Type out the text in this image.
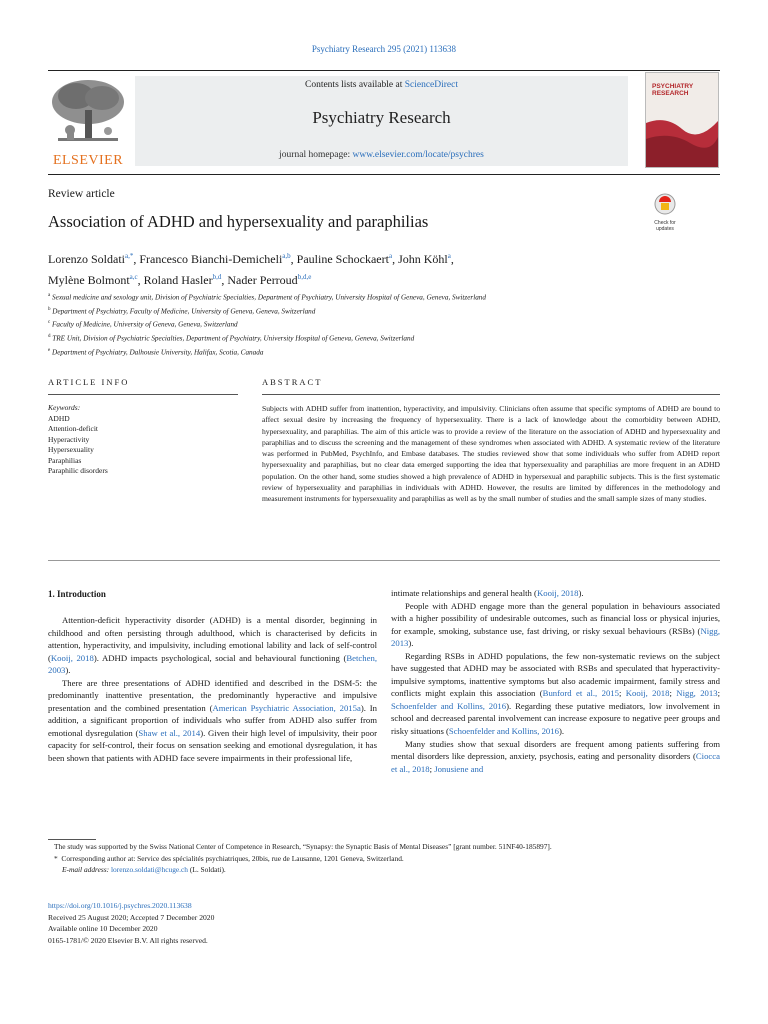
Psychiatry Research 295 (2021) 113638
ELSEVIER
Contents lists available at ScienceDirect
Psychiatry Research
journal homepage: www.elsevier.com/locate/psychres
PSYCHIATRY
RESEARCH
Review article
Association of ADHD and hypersexuality and paraphilias	Check for updates
Lorenzo Soldati$^{a,*}$, Francesco Bianchi-Demicheli$^{a,b}$, Pauline Schockaert$^a$, John Köhl$^a$,
Mylène Bolmont$^{a,c}$, Roland Hasler$^{b,d}$, Nader Perroud$^{b,d,e}$
$^a$ Sexual medicine and sexology unit, Division of Psychiatric Specialties, Department of Psychiatry, University Hospital of Geneva, Geneva, Switzerland
$^b$ Department of Psychiatry, Faculty of Medicine, University of Geneva, Geneva, Switzerland
$^c$ Faculty of Medicine, University of Geneva, Geneva, Switzerland
$^d$ TRE Unit, Division of Psychiatric Specialties, Department of Psychiatry, University Hospital of Geneva, Geneva, Switzerland
$^e$ Department of Psychiatry, Dalhousie University, Halifax, Scotia, Canada
ARTICLE INFO	ABSTRACT
Keywords:
ADHD
Attention-deficit
Hyperactivity
Hypersexuality
Paraphilias
Paraphilic disorders
Subjects with ADHD suffer from inattention, hyperactivity, and impulsivity. Clinicians often assume that specific symptoms of ADHD are bound to affect sexual desire by increasing the frequency of hypersexuality. There is a lack of knowledge about the comorbidity between ADHD, hypersexuality, and paraphilias. The aim of this article was to provide a review of the literature on the association of ADHD and hypersexuality and paraphilias and to discuss the screening and the management of these syndromes when associated with ADHD. A systematic review of the literature was performed in PubMed, PsychInfo, and Embase databases. The studies reviewed show that some individuals who suffer from ADHD report hypersexuality and paraphilias, but no clear data emerged supporting the idea that hypersexuality and paraphilias are more frequent in an ADHD population. On the other hand, some studies showed a high prevalence of ADHD in hypersexual and paraphilic subjects. This is the first systematic review of hypersexuality and paraphilias in individuals with ADHD. However, the results are limited by differences in the methodology and measurement instruments for hypersexuality and paraphilias as well as by the small number of studies and the small sample sizes of many studies.
1. Introduction

Attention-deficit hyperactivity disorder (ADHD) is a mental disorder, beginning in childhood and often persisting through adulthood, which is characterised by deficits in attention, hyperactivity, and impulsivity, including emotional lability and lack of self-control (Kooij, 2018). ADHD impacts psychological, social and behavioural functioning (Betchen, 2003).

There are three presentations of ADHD identified and described in the DSM-5: the predominantly inattentive presentation, the predominantly hyperactive and impulsive presentation and the combined presentation (American Psychiatric Association, 2015a). In addition, a significant proportion of individuals who suffer from ADHD also suffer from emotional dysregulation (Shaw et al., 2014). Given their high level of impulsivity, their poor capacity for self-control, their focus on sensation seeking and emotional dysregulation, it has been shown that patients with ADHD face severe impairments in their professional life,

intimate relationships and general health (Kooij, 2018).

People with ADHD engage more than the general population in behaviours associated with a higher possibility of undesirable outcomes, such as financial loss or physical injuries, for example, smoking, substance use, fast driving, or risky sexual behaviours (RSBs) (Nigg, 2013).

Regarding RSBs in ADHD populations, the few non-systematic reviews on the subject have suggested that ADHD may be associated with RSBs and speculated that hyperactivity-impulsive symptoms, inattentive symptoms but also academic impairment, family stress and conflicts might explain this association (Bunford et al., 2015; Kooij, 2018; Nigg, 2013; Schoenfelder and Kollins, 2016). Regarding these putative mediators, low involvement in school and decreased parental involvement can increase exposure to negative peer groups and risky situations (Schoenfelder and Kollins, 2016).

Many studies show that sexual disorders are frequent among patients suffering from mental disorders like depression, anxiety, psychosis, eating and personality disorders (Ciocca et al., 2018; Jonusiene and

The study was supported by the Swiss National Center of Competence in Research, “Synapsy: the Synaptic Basis of Mental Diseases” [grant number. 51NF40-185897].
* Corresponding author at: Service des spécialités psychiatriques, 20bis, rue de Lausanne, 1201 Geneva, Switzerland.
E-mail address: lorenzo.soldati@hcuge.ch (L. Soldati).
https://doi.org/10.1016/j.psychres.2020.113638
Received 25 August 2020; Accepted 7 December 2020
Available online 10 December 2020
0165-1781/© 2020 Elsevier B.V. All rights reserved.
